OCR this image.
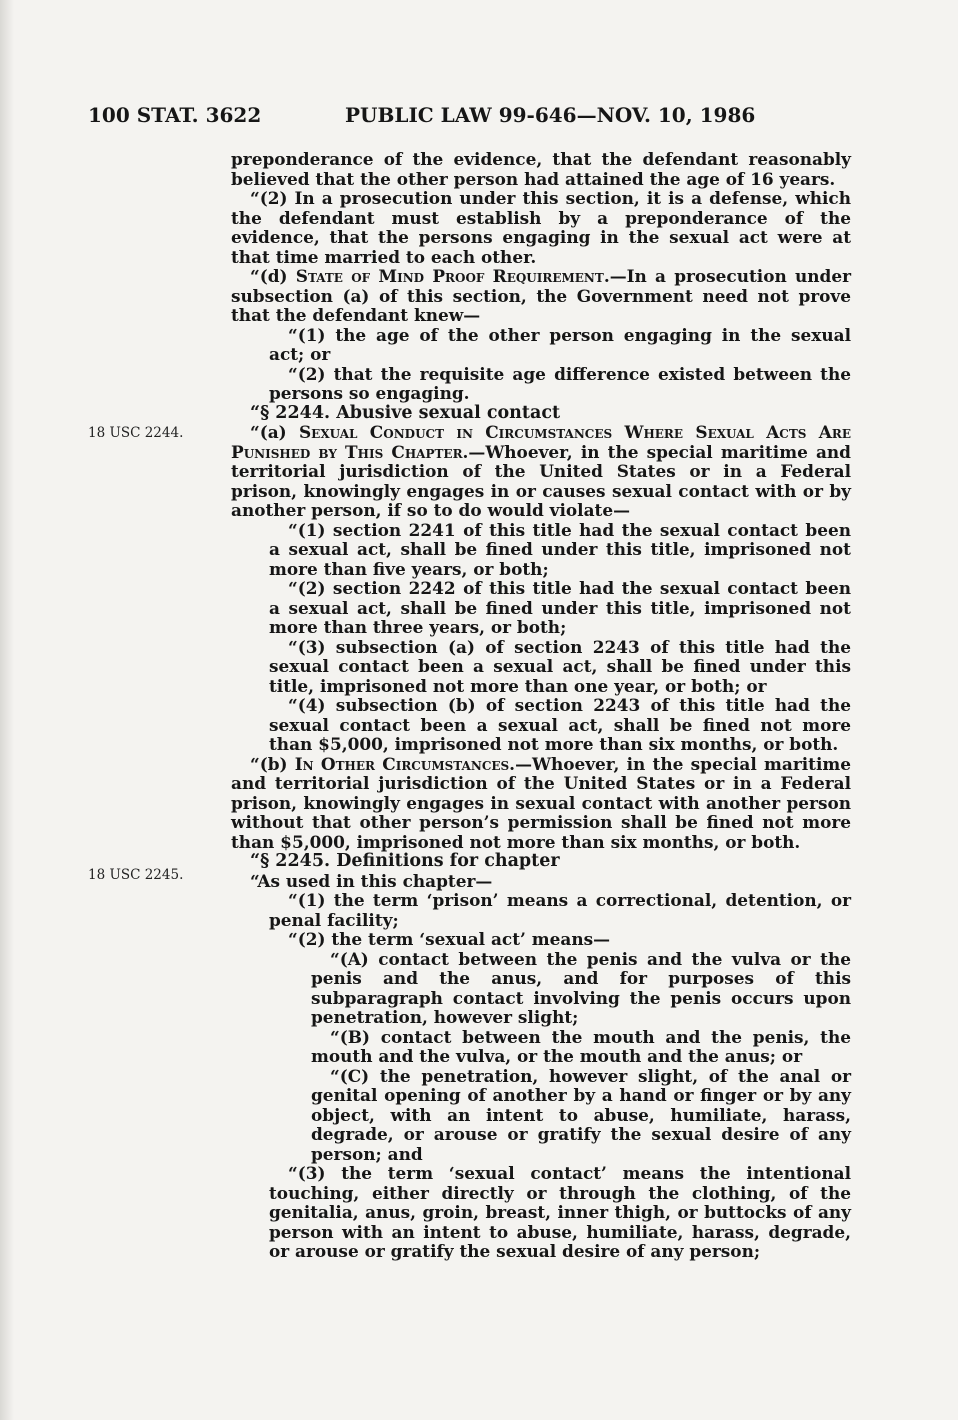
100 STAT. 3622	PUBLIC LAW 99-646—NOV. 10, 1986
18 USC 2244.
18 USC 2245.

preponderance of the evidence, that the defendant reasonably believed that the other person had attained the age of 16 years.

“(2) In a prosecution under this section, it is a defense, which the defendant must establish by a preponderance of the evidence, that the persons engaging in the sexual act were at that time married to each other.

“(d) State of Mind Proof Requirement.—In a prosecution under subsection (a) of this section, the Government need not prove that the defendant knew—

“(1) the age of the other person engaging in the sexual act; or

“(2) that the requisite age difference existed between the persons so engaging.

“§ 2244. Abusive sexual contact

“(a) Sexual Conduct in Circumstances Where Sexual Acts Are Punished by This Chapter.—Whoever, in the special maritime and territorial jurisdiction of the United States or in a Federal prison, knowingly engages in or causes sexual contact with or by another person, if so to do would violate—

“(1) section 2241 of this title had the sexual contact been a sexual act, shall be fined under this title, imprisoned not more than five years, or both;

“(2) section 2242 of this title had the sexual contact been a sexual act, shall be fined under this title, imprisoned not more than three years, or both;

“(3) subsection (a) of section 2243 of this title had the sexual contact been a sexual act, shall be fined under this title, imprisoned not more than one year, or both; or

“(4) subsection (b) of section 2243 of this title had the sexual contact been a sexual act, shall be fined not more than $5,000, imprisoned not more than six months, or both.

“(b) In Other Circumstances.—Whoever, in the special maritime and territorial jurisdiction of the United States or in a Federal prison, knowingly engages in sexual contact with another person without that other person’s permission shall be fined not more than $5,000, imprisoned not more than six months, or both.

“§ 2245. Definitions for chapter

“As used in this chapter—

“(1) the term ‘prison’ means a correctional, detention, or penal facility;

“(2) the term ‘sexual act’ means—

“(A) contact between the penis and the vulva or the penis and the anus, and for purposes of this subparagraph contact involving the penis occurs upon penetration, however slight;

“(B) contact between the mouth and the penis, the mouth and the vulva, or the mouth and the anus; or

“(C) the penetration, however slight, of the anal or genital opening of another by a hand or finger or by any object, with an intent to abuse, humiliate, harass, degrade, or arouse or gratify the sexual desire of any person; and

“(3) the term ‘sexual contact’ means the intentional touching, either directly or through the clothing, of the genitalia, anus, groin, breast, inner thigh, or buttocks of any person with an intent to abuse, humiliate, harass, degrade, or arouse or gratify the sexual desire of any person;
